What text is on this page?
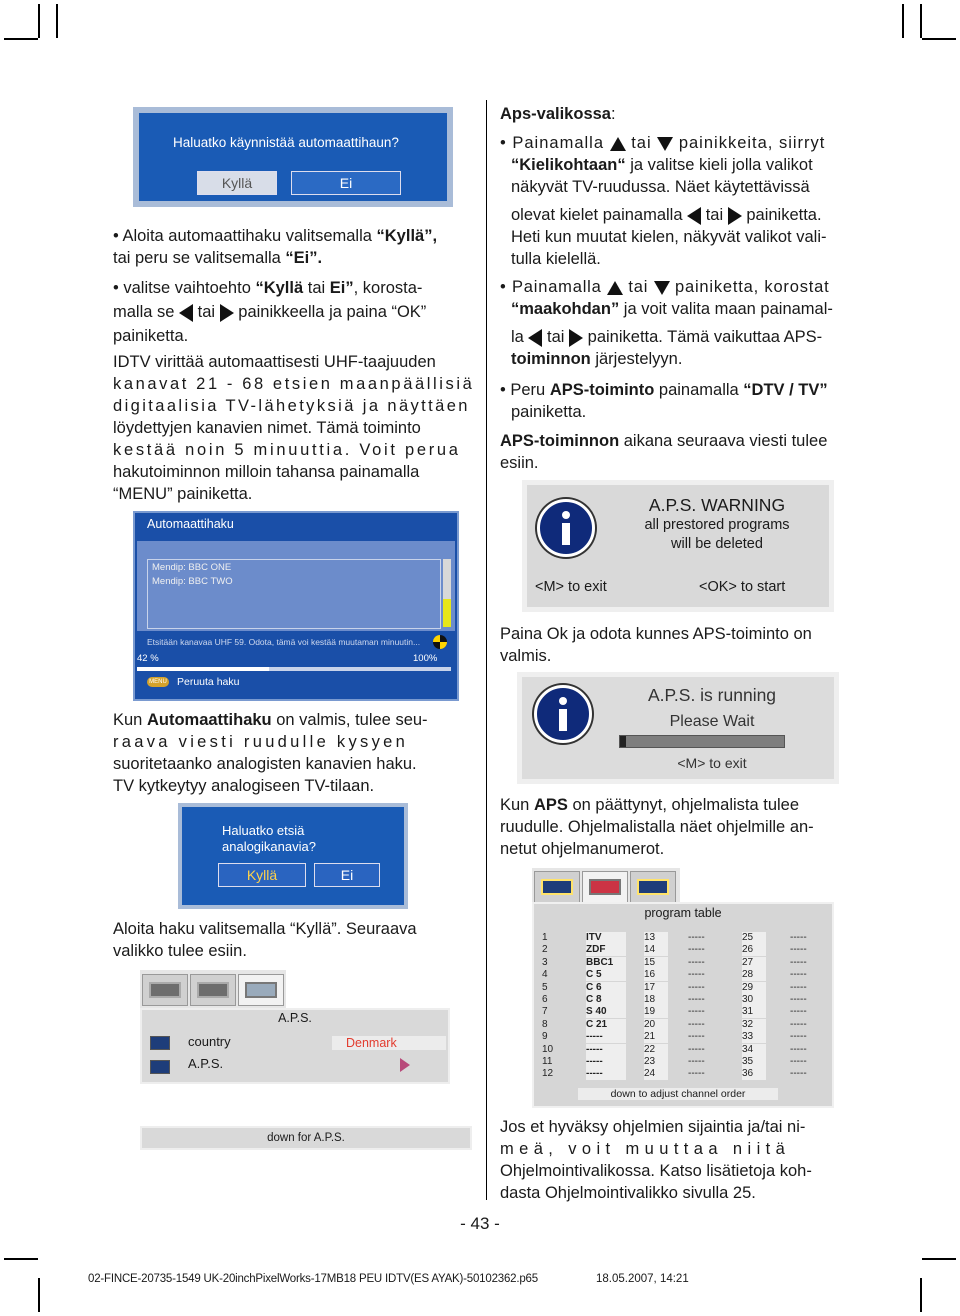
Haluatko käynnistää automaattihaun?
Kyllä	Ei
• Aloita automaattihaku valitsemalla “Kyllä”,
tai peru se valitsemalla “Ei”.
• valitse vaihtoehto “Kyllä tai Ei”, korosta-
malla se tai painikkeella ja paina “OK”
painiketta.
IDTV virittää automaattisesti UHF-taajuuden
kanavat 21 - 68 etsien maanpäällisiä
digitaalisia TV-lähetyksiä ja näyttäen
löydettyjen kanavien nimet. Tämä toiminto
kestää noin 5 minuuttia. Voit perua
hakutoiminnon milloin tahansa painamalla
“MENU” painiketta.
Automaattihaku
Mendip: BBC ONE
Mendip: BBC TWO
Etsitään kanavaa UHF 59. Odota, tämä voi kestää muutaman minuutin...
42 %	100%
MENU Peruuta haku
Kun Automaattihaku on valmis, tulee seu-
raava viesti ruudulle kysyen
suoritetaanko analogisten kanavien haku.
TV kytkeytyy analogiseen TV-tilaan.
Haluatko etsiä
analogikanavia?
Kyllä	Ei
Aloita haku valitsemalla “Kyllä”. Seuraava
valikko tulee esiin.
A.P.S.
country	Denmark
A.P.S.
down for A.P.S.
- 43 -
02-FINCE-20735-1549 UK-20inchPixelWorks-17MB18 PEU IDTV(ES AYAK)-50102362.p65	18.05.2007, 14:21
Aps-valikossa:
• Painamalla tai painikkeita, siirryt
“Kielikohtaan“ ja valitse kieli jolla valikot
näkyvät TV-ruudussa. Näet käytettävissä
olevat kielet painamalla tai painiketta.
Heti kun muutat kielen, näkyvät valikot vali-
tulla kielellä.
• Painamalla tai painiketta, korostat
“maakohdan” ja voit valita maan painamal-
la tai painiketta. Tämä vaikuttaa APS-
toiminnon järjestelyyn.
• Peru APS-toiminto painamalla “DTV / TV”
painiketta.
APS-toiminnon aikana seuraava viesti tulee
esiin.
A.P.S. WARNING
all prestored programs
will be deleted
<M> to exit	<OK> to start
Paina Ok ja odota kunnes APS-toiminto on
valmis.
A.P.S. is running
Please Wait
<M> to exit
Kun APS on päättynyt, ohjelmalista tulee
ruudulle. Ohjelmalistalla näet ohjelmille an-
netut ohjelmanumerot.
program table
1	ITV	13	-----	25	-----
2	ZDF	14	-----	26	-----
3	BBC1	15	-----	27	-----
4	C 5	16	-----	28	-----
5	C 6	17	-----	29	-----
6	C 8	18	-----	30	-----
7	S 40	19	-----	31	-----
8	C 21	20	-----	32	-----
9	-----	21	-----	33	-----
10	-----	22	-----	34	-----
11	-----	23	-----	35	-----
12	-----	24	-----	36	-----
down to adjust channel order
Jos et hyväksy ohjelmien sijaintia ja/tai ni-
meä, voit muuttaa niitä
Ohjelmointivalikossa. Katso lisätietoja koh-
dasta Ohjelmointivalikko sivulla 25.
